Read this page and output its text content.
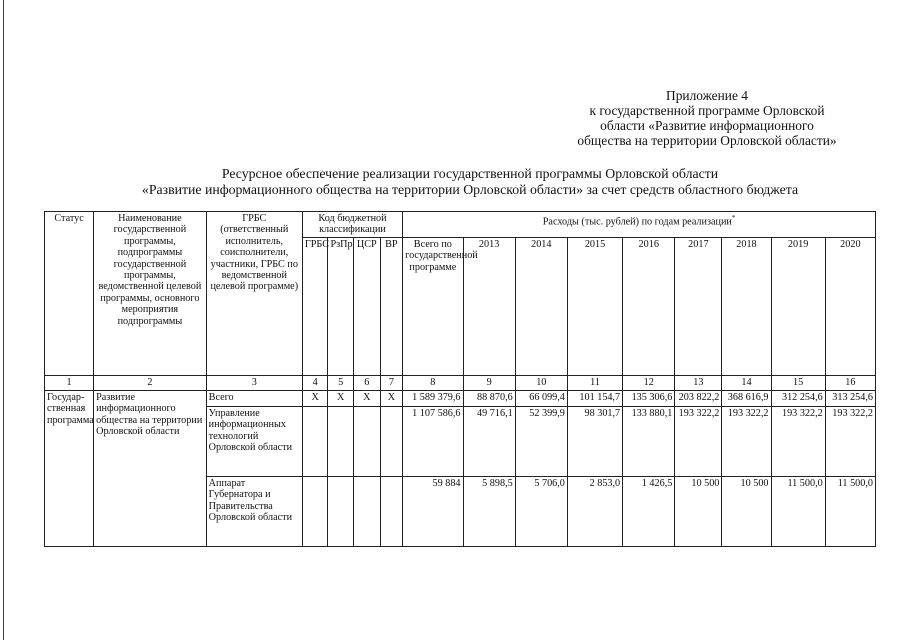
Приложение 4
к государственной программе Орловской
области «Развитие информационного
общества на территории Орловской области»
Ресурсное обеспечение реализации государственной программы Орловской области
«Развитие информационного общества на территории Орловской области» за счет средств областного бюджета
Статус	Наименование государственной программы, подпрограммы государственной программы, ведомственной целевой программы, основного мероприятия подпрограммы	ГРБС (ответственный исполнитель, соисполнители, участники, ГРБС по ведомственной целевой программе)	Код бюджетной классификации				Расходы (тыс. рублей) по годам реализации*
			ГРБС	РзПр	ЦСР	ВР	Всего по государственной программе	2013	2014	2015	2016	2017	2018	2019	2020
1	2	3	4	5	6	7	8	9	10	11	12	13	14	15	16
Государ-ственная программа	Развитие информационного общества на территории Орловской области	Всего	Х	Х	Х	Х	1 589 379,6	88 870,6	66 099,4	101 154,7	135 306,6	203 822,2	368 616,9	312 254,6	313 254,6
		Управление информационных технологий Орловской области					1 107 586,6	49 716,1	52 399,9	98 301,7	133 880,1	193 322,2	193 322,2	193 322,2	193 322,2
		Аппарат Губернатора и Правительства Орловской области					59 884	5 898,5	5 706,0	2 853,0	1 426,5	10 500	10 500	11 500,0	11 500,0
